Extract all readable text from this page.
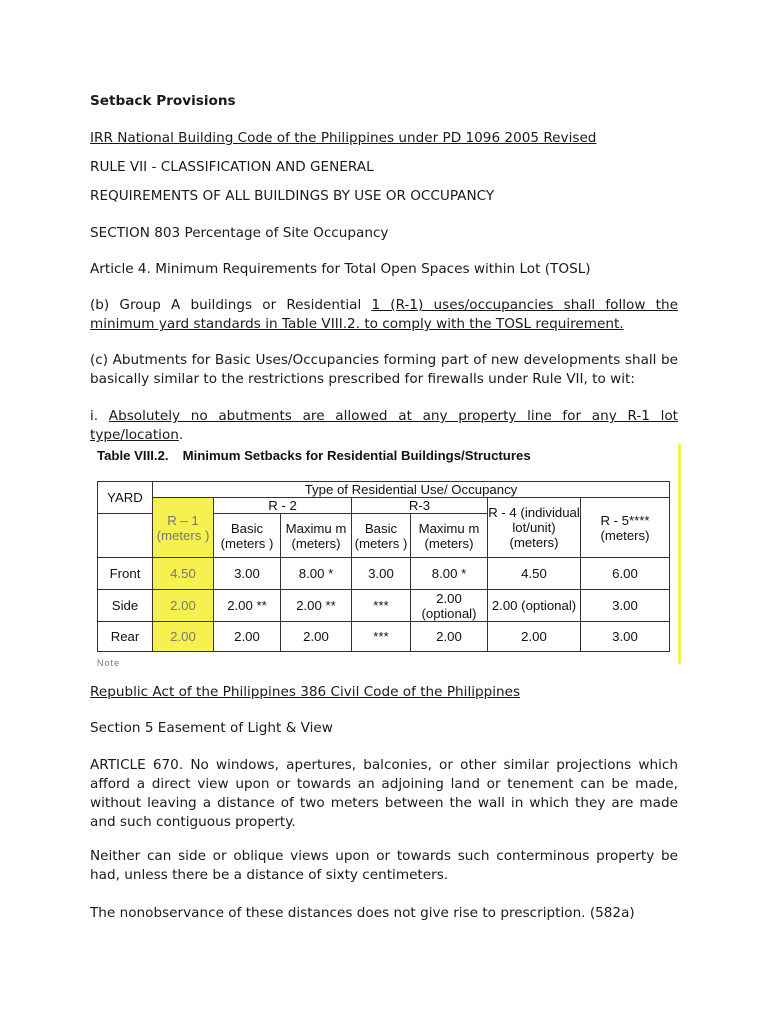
Setback Provisions

IRR National Building Code of the Philippines under PD 1096 2005 Revised

RULE VII - CLASSIFICATION AND GENERAL

REQUIREMENTS OF ALL BUILDINGS BY USE OR OCCUPANCY

SECTION 803 Percentage of Site Occupancy

Article 4. Minimum Requirements for Total Open Spaces within Lot (TOSL)

(b) Group A buildings or Residential 1 (R-1) uses/occupancies shall follow the minimum yard standards in Table VIII.2. to comply with the TOSL requirement.

(c) Abutments for Basic Uses/Occupancies forming part of new developments shall be basically similar to the restrictions prescribed for firewalls under Rule VII, to wit:

i. Absolutely no abutments are allowed at any property line for any R-1 lot type/location.

Table VIII.2. Minimum Setbacks for Residential Buildings/Structures
YARD	Type of Residential Use/ Occupancy						
	R – 1 (meters )	R - 2		R-3		R - 4 (individual lot/unit) (meters)	R - 5**** (meters)
		Basic (meters )	Maximu m (meters)	Basic (meters )	Maximu m (meters)		
Front	4.50	3.00	8.00 *	3.00	8.00 *	4.50	6.00
Side	2.00	2.00 **	2.00 **	***	2.00 (optional)	2.00 (optional)	3.00
Rear	2.00	2.00	2.00	***	2.00	2.00	3.00
Note

Republic Act of the Philippines 386 Civil Code of the Philippines

Section 5 Easement of Light & View

ARTICLE 670. No windows, apertures, balconies, or other similar projections which afford a direct view upon or towards an adjoining land or tenement can be made, without leaving a distance of two meters between the wall in which they are made and such contiguous property.

Neither can side or oblique views upon or towards such conterminous property be had, unless there be a distance of sixty centimeters.

The nonobservance of these distances does not give rise to prescription. (582a)
